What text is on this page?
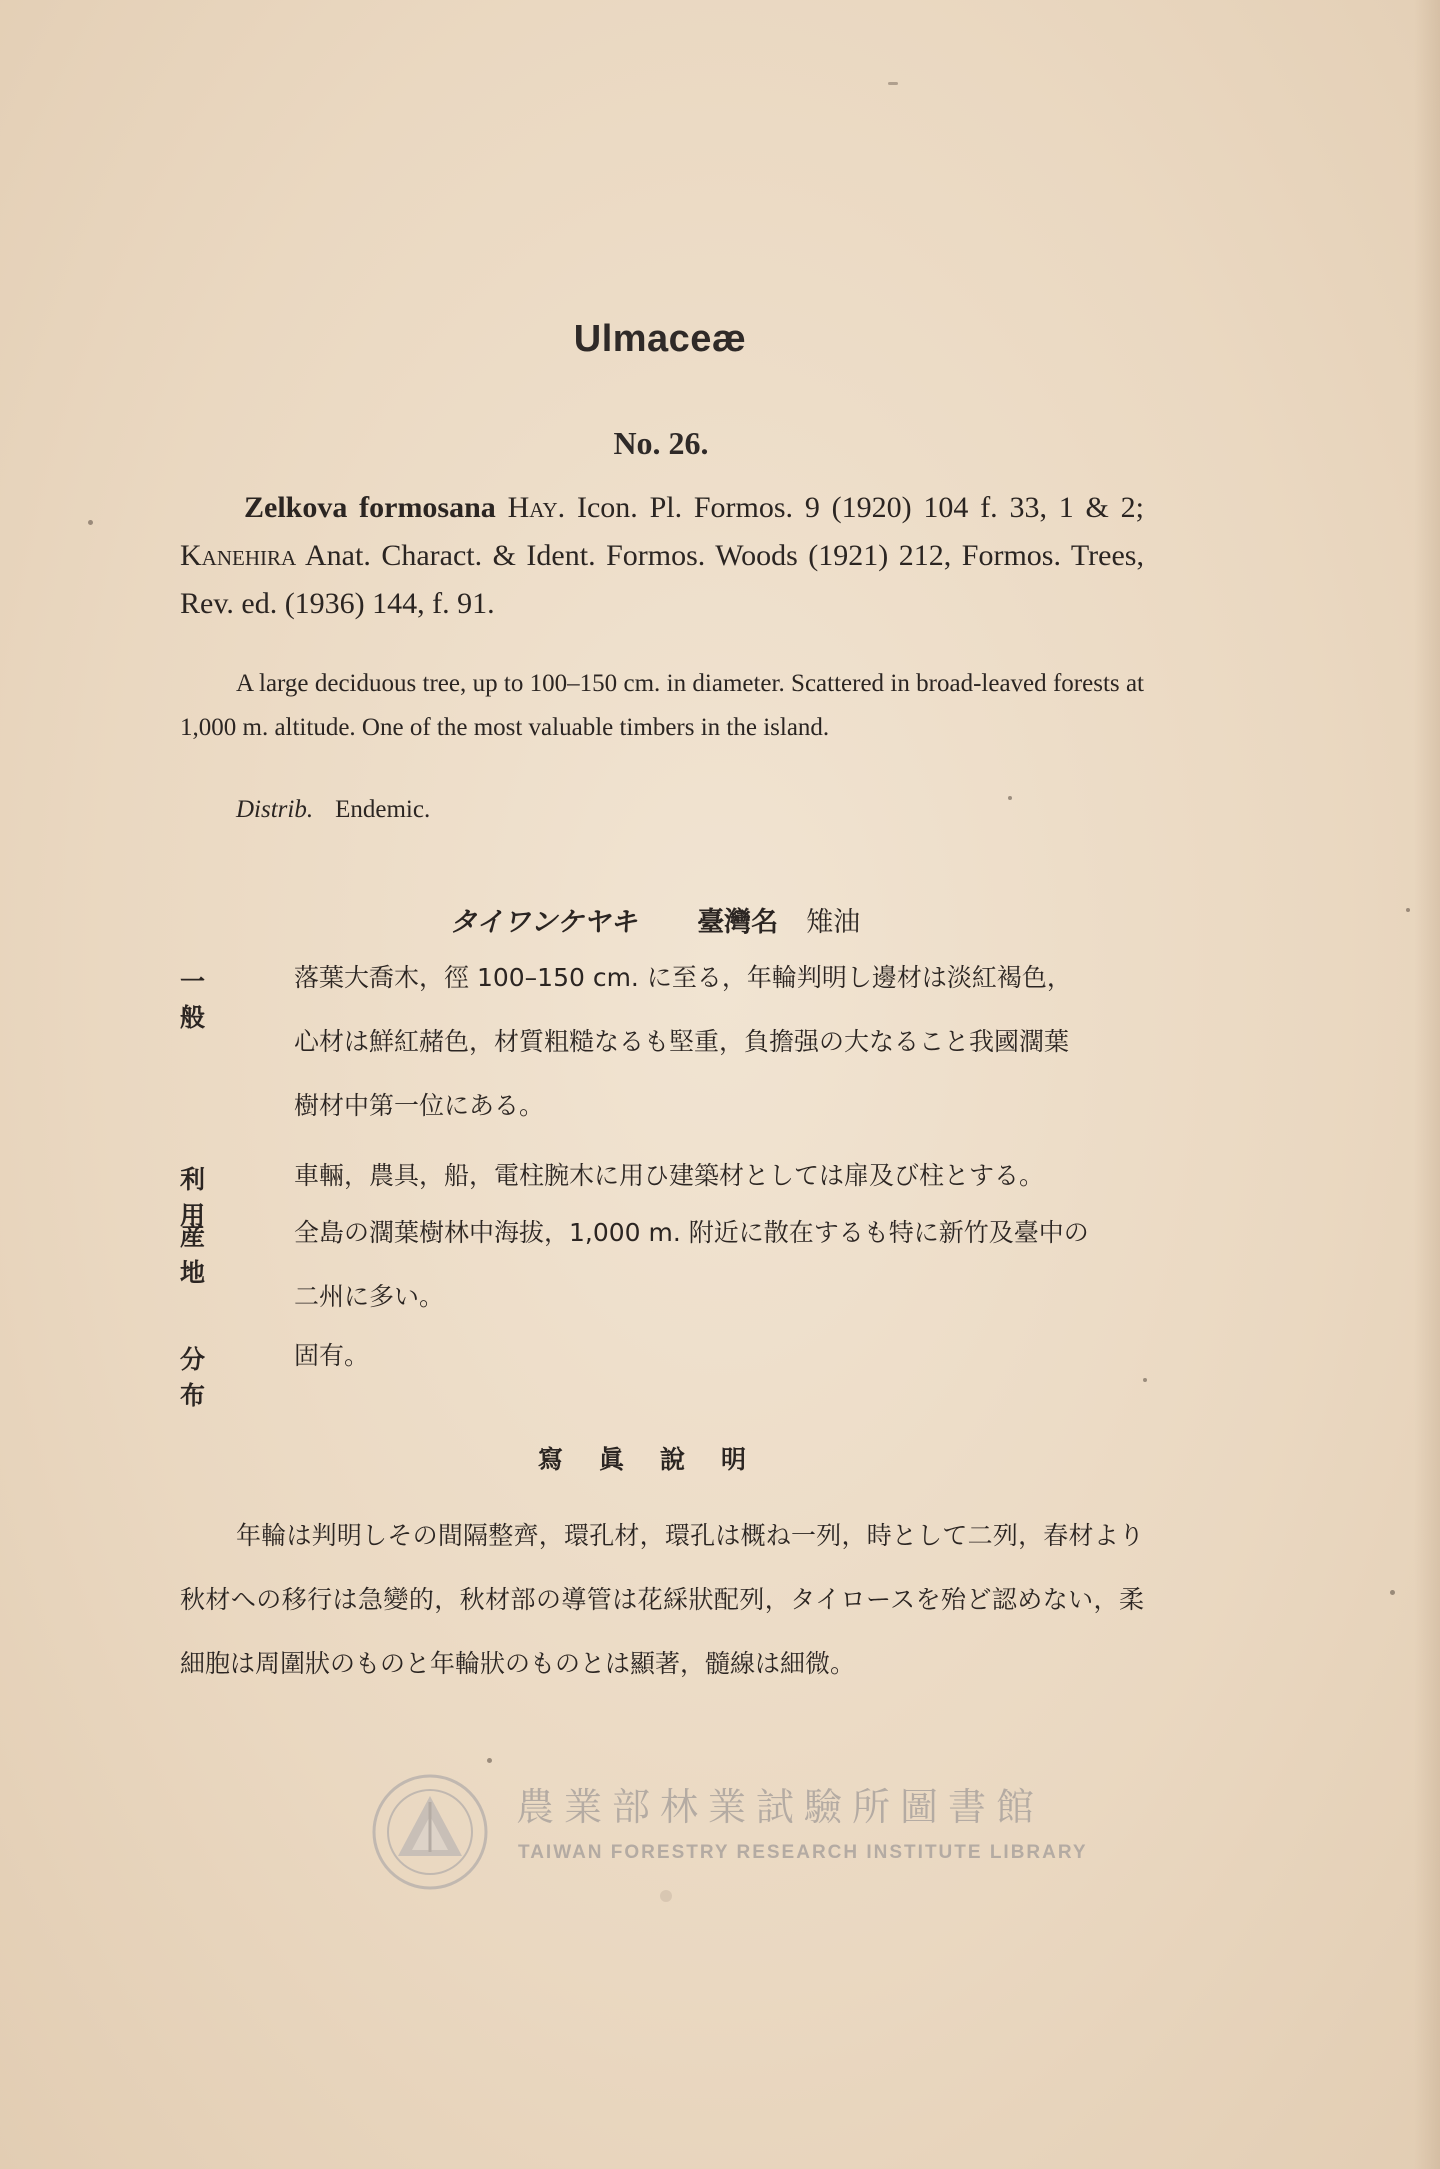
Ulmaceæ
No. 26.

Zelkova formosana Hay. Icon. Pl. Formos. 9 (1920) 104 f. 33, 1 & 2; Kanehira Anat. Charact. & Ident. Formos. Woods (1921) 212, Formos. Trees, Rev. ed. (1936) 144, f. 91.

A large deciduous tree, up to 100–150 cm. in diameter. Scattered in broad-leaved forests at 1,000 m. altitude. One of the most valuable timbers in the island.

Distrib. Endemic.
タイワンケヤキ 臺灣名 雉油
一般
落葉大喬木，徑 100–150 cm. に至る，年輪判明し邊材は淡紅褐色，
心材は鮮紅赭色，材質粗糙なるも堅重，負擔强の大なること我國濶葉
樹材中第一位にある。
利用
車輛，農具，船，電柱腕木に用ひ建築材としては扉及び柱とする。
産地
全島の濶葉樹林中海拔，1,000 m. 附近に散在するも特に新竹及臺中の
二州に多い。
分布
固有。
寫眞說明

年輪は判明しその間隔整齊，環孔材，環孔は概ね一列，時として二列，春材より秋材への移行は急變的，秋材部の導管は花綵狀配列，タイロースを殆ど認めない，柔細胞は周圍狀のものと年輪狀のものとは顯著，髓線は細微。

農業部林業試驗所圖書館
TAIWAN FORESTRY RESEARCH INSTITUTE LIBRARY
